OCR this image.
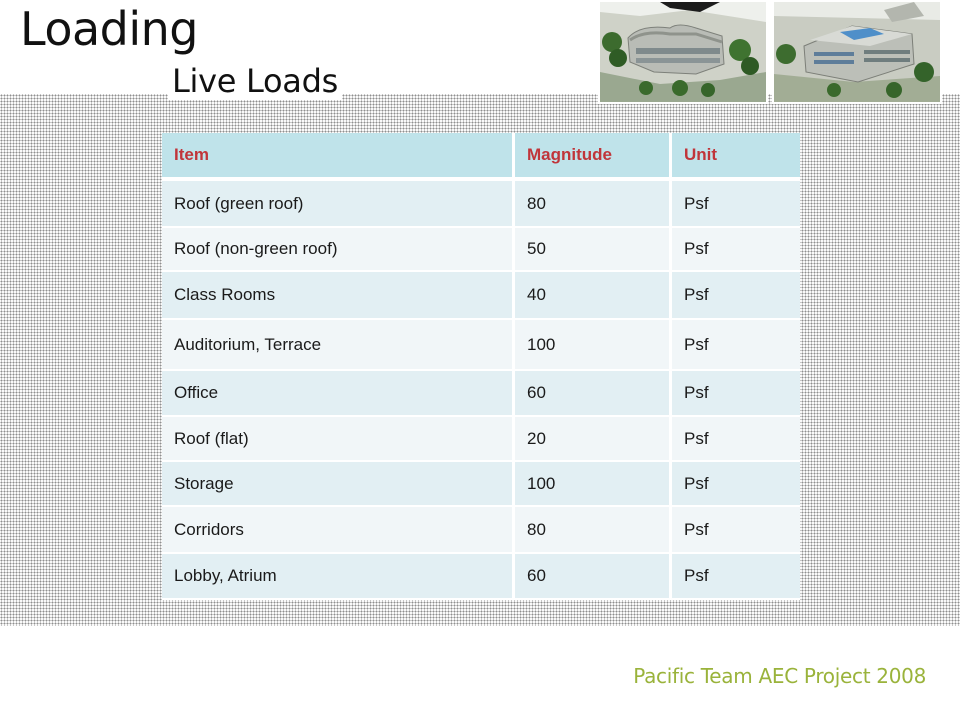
Loading
Live Loads
Item	Magnitude	Unit
Roof (green roof)	80	Psf
Roof (non-green roof)	50	Psf
Class Rooms	40	Psf
Auditorium, Terrace	100	Psf
Office	60	Psf
Roof (flat)	20	Psf
Storage	100	Psf
Corridors	80	Psf
Lobby, Atrium	60	Psf

Pacific Team AEC Project 2008
